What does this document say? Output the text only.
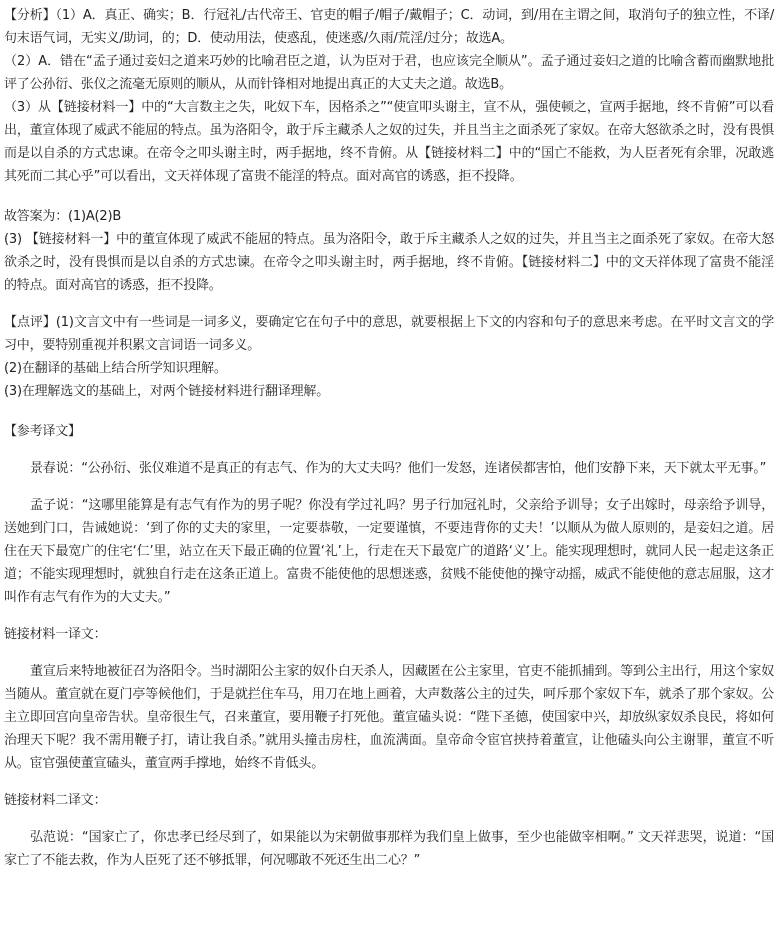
【分析】（1）A．真正、确实；B．行冠礼/古代帝王、官吏的帽子/帽子/戴帽子；C．动词，到/用在主谓之间，取消句子的独立性，不译/句末语气词，无实义/助词，的；D．使动用法，使惑乱，使迷惑/久雨/荒淫/过分；故选A。

（2）A．错在“孟子通过妾妇之道来巧妙的比喻君臣之道，认为臣对于君，也应该完全顺从”。孟子通过妾妇之道的比喻含蓄而幽默地批评了公孙衍、张仪之流毫无原则的顺从，从而针锋相对地提出真正的大丈夫之道。故选B。

（3）从【链接材料一】中的“大言数主之失，叱奴下车，因格杀之”“使宣叩头谢主，宣不从，强使顿之，宣两手据地，终不肯俯”可以看出，董宣体现了威武不能屈的特点。虽为洛阳令，敢于斥主藏杀人之奴的过失，并且当主之面杀死了家奴。在帝大怒欲杀之时，没有畏惧而是以自杀的方式忠谏。在帝令之叩头谢主时，两手据地，终不肯俯。从【链接材料二】中的“国亡不能救，为人臣者死有余罪，况敢逃其死而二其心乎”可以看出，文天祥体现了富贵不能淫的特点。面对高官的诱惑，拒不投降。

故答案为：(1)A(2)B

(3) 【链接材料一】中的董宣体现了威武不能屈的特点。虽为洛阳令，敢于斥主藏杀人之奴的过失，并且当主之面杀死了家奴。在帝大怒欲杀之时，没有畏惧而是以自杀的方式忠谏。在帝令之叩头谢主时，两手据地，终不肯俯。【链接材料二】中的文天祥体现了富贵不能淫的特点。面对高官的诱惑，拒不投降。

【点评】(1)文言文中有一些词是一词多义，要确定它在句子中的意思，就要根据上下文的内容和句子的意思来考虑。在平时文言文的学习中，要特别重视并积累文言词语一词多义。

(2)在翻译的基础上结合所学知识理解。

(3)在理解选文的基础上，对两个链接材料进行翻译理解。

【参考译文】

景春说：“公孙衍、张仪难道不是真正的有志气、作为的大丈夫吗？他们一发怒，连诸侯都害怕，他们安静下来，天下就太平无事。”

孟子说：“这哪里能算是有志气有作为的男子呢？你没有学过礼吗？男子行加冠礼时，父亲给予训导；女子出嫁时，母亲给予训导，送她到门口，告诫她说：‘到了你的丈夫的家里，一定要恭敬，一定要谨慎，不要违背你的丈夫！’以顺从为做人原则的，是妾妇之道。居住在天下最宽广的住宅‘仁’里，站立在天下最正确的位置‘礼’上，行走在天下最宽广的道路‘义’上。能实现理想时，就同人民一起走这条正道；不能实现理想时，就独自行走在这条正道上。富贵不能使他的思想迷惑，贫贱不能使他的操守动摇，威武不能使他的意志屈服，这才叫作有志气有作为的大丈夫。”

链接材料一译文：

董宣后来特地被征召为洛阳令。当时湖阳公主家的奴仆白天杀人，因藏匿在公主家里，官吏不能抓捕到。等到公主出行，用这个家奴当随从。董宣就在夏门亭等候他们，于是就拦住车马，用刀在地上画着，大声数落公主的过失，呵斥那个家奴下车，就杀了那个家奴。公主立即回宫向皇帝告状。皇帝很生气，召来董宣，要用鞭子打死他。董宣磕头说：“陛下圣德，使国家中兴，却放纵家奴杀良民，将如何治理天下呢？我不需用鞭子打，请让我自杀。”就用头撞击房柱，血流满面。皇帝命令宦官挟持着董宣，让他磕头向公主谢罪，董宣不听从。宦官强使董宣磕头，董宣两手撑地，始终不肯低头。

链接材料二译文：

弘范说：“国家亡了，你忠孝已经尽到了，如果能以为宋朝做事那样为我们皇上做事，至少也能做宰相啊。” 文天祥悲哭，说道：“国家亡了不能去救，作为人臣死了还不够抵罪，何况哪敢不死还生出二心？”
